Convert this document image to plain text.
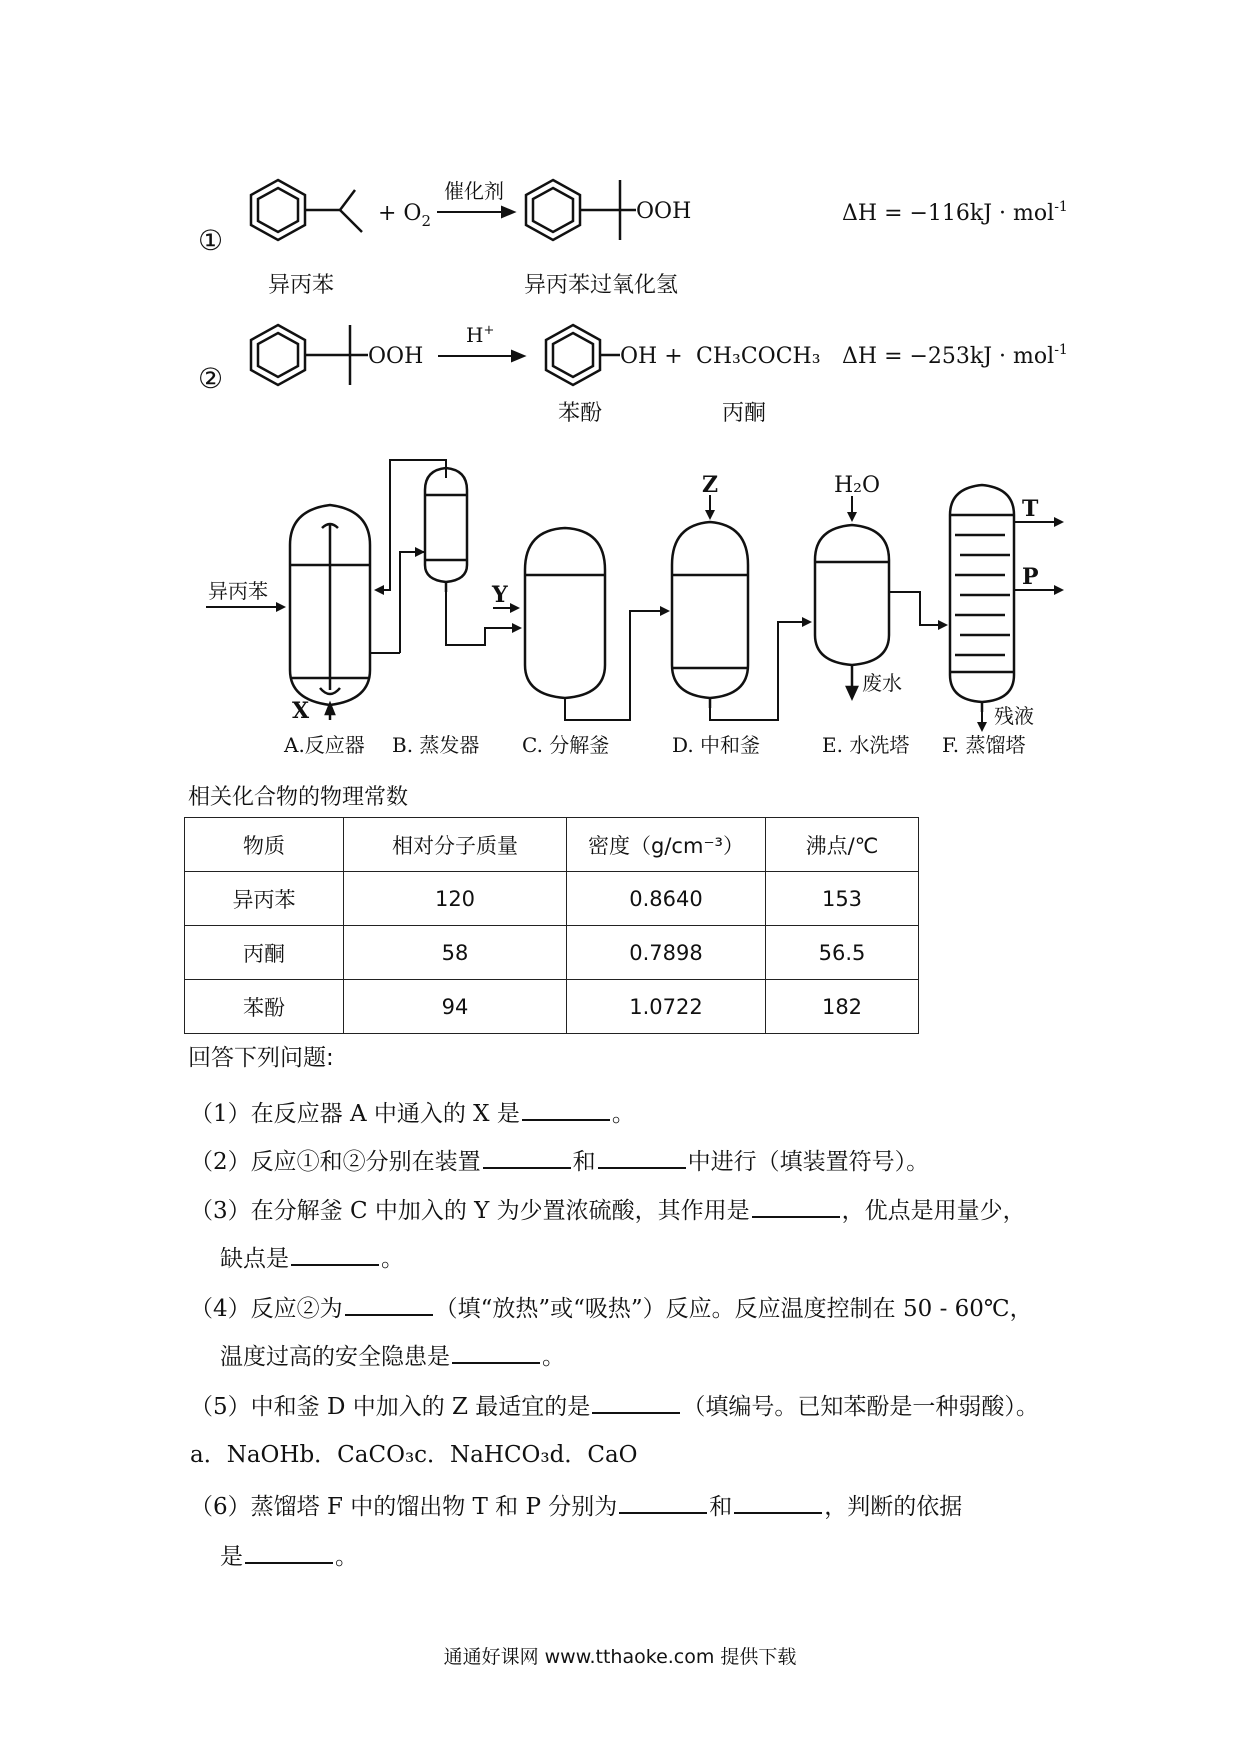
①
异丙苯
+ $O_2$
催化剂
OOH
异丙苯过氧化氢
ΔH = −116kJ · mol$^{-1}$
②
OOH
H+
OH +
苯酚
CH₃COCH₃
丙酮
ΔH = −253kJ · mol$^{-1}$
异丙苯
X
Y
Z	H₂O
T
P
废水
残液
A.反应器 B. 蒸发器 C. 分解釜	D. 中和釜	E. 水洗塔 F. 蒸馏塔
相关化合物的物理常数
物质	相对分子质量	密度（g/cm⁻³）	沸点/℃
异丙苯	120	0.8640	153
丙酮	58	0.7898	56.5
苯酚	94	1.0722	182
回答下列问题:
（1）在反应器 A 中通入的 X 是	。
（2）反应①和②分别在装置	和	中进行（填装置符号）。
（3）在分解釜 C 中加入的 Y 为少置浓硫酸，其作用是	，优点是用量少，
缺点是	。
（4）反应②为	（填“放热”或“吸热”）反应。反应温度控制在 50 - 60℃，
温度过高的安全隐患是	。
（5）中和釜 D 中加入的 Z 最适宜的是	（填编号。已知苯酚是一种弱酸）。
a．NaOHb．CaCO₃c．NaHCO₃d．CaO
（6）蒸馏塔 F 中的馏出物 T 和 P 分别为	和	，判断的依据
是	。
通通好课网 www.tthaoke.com 提供下载
